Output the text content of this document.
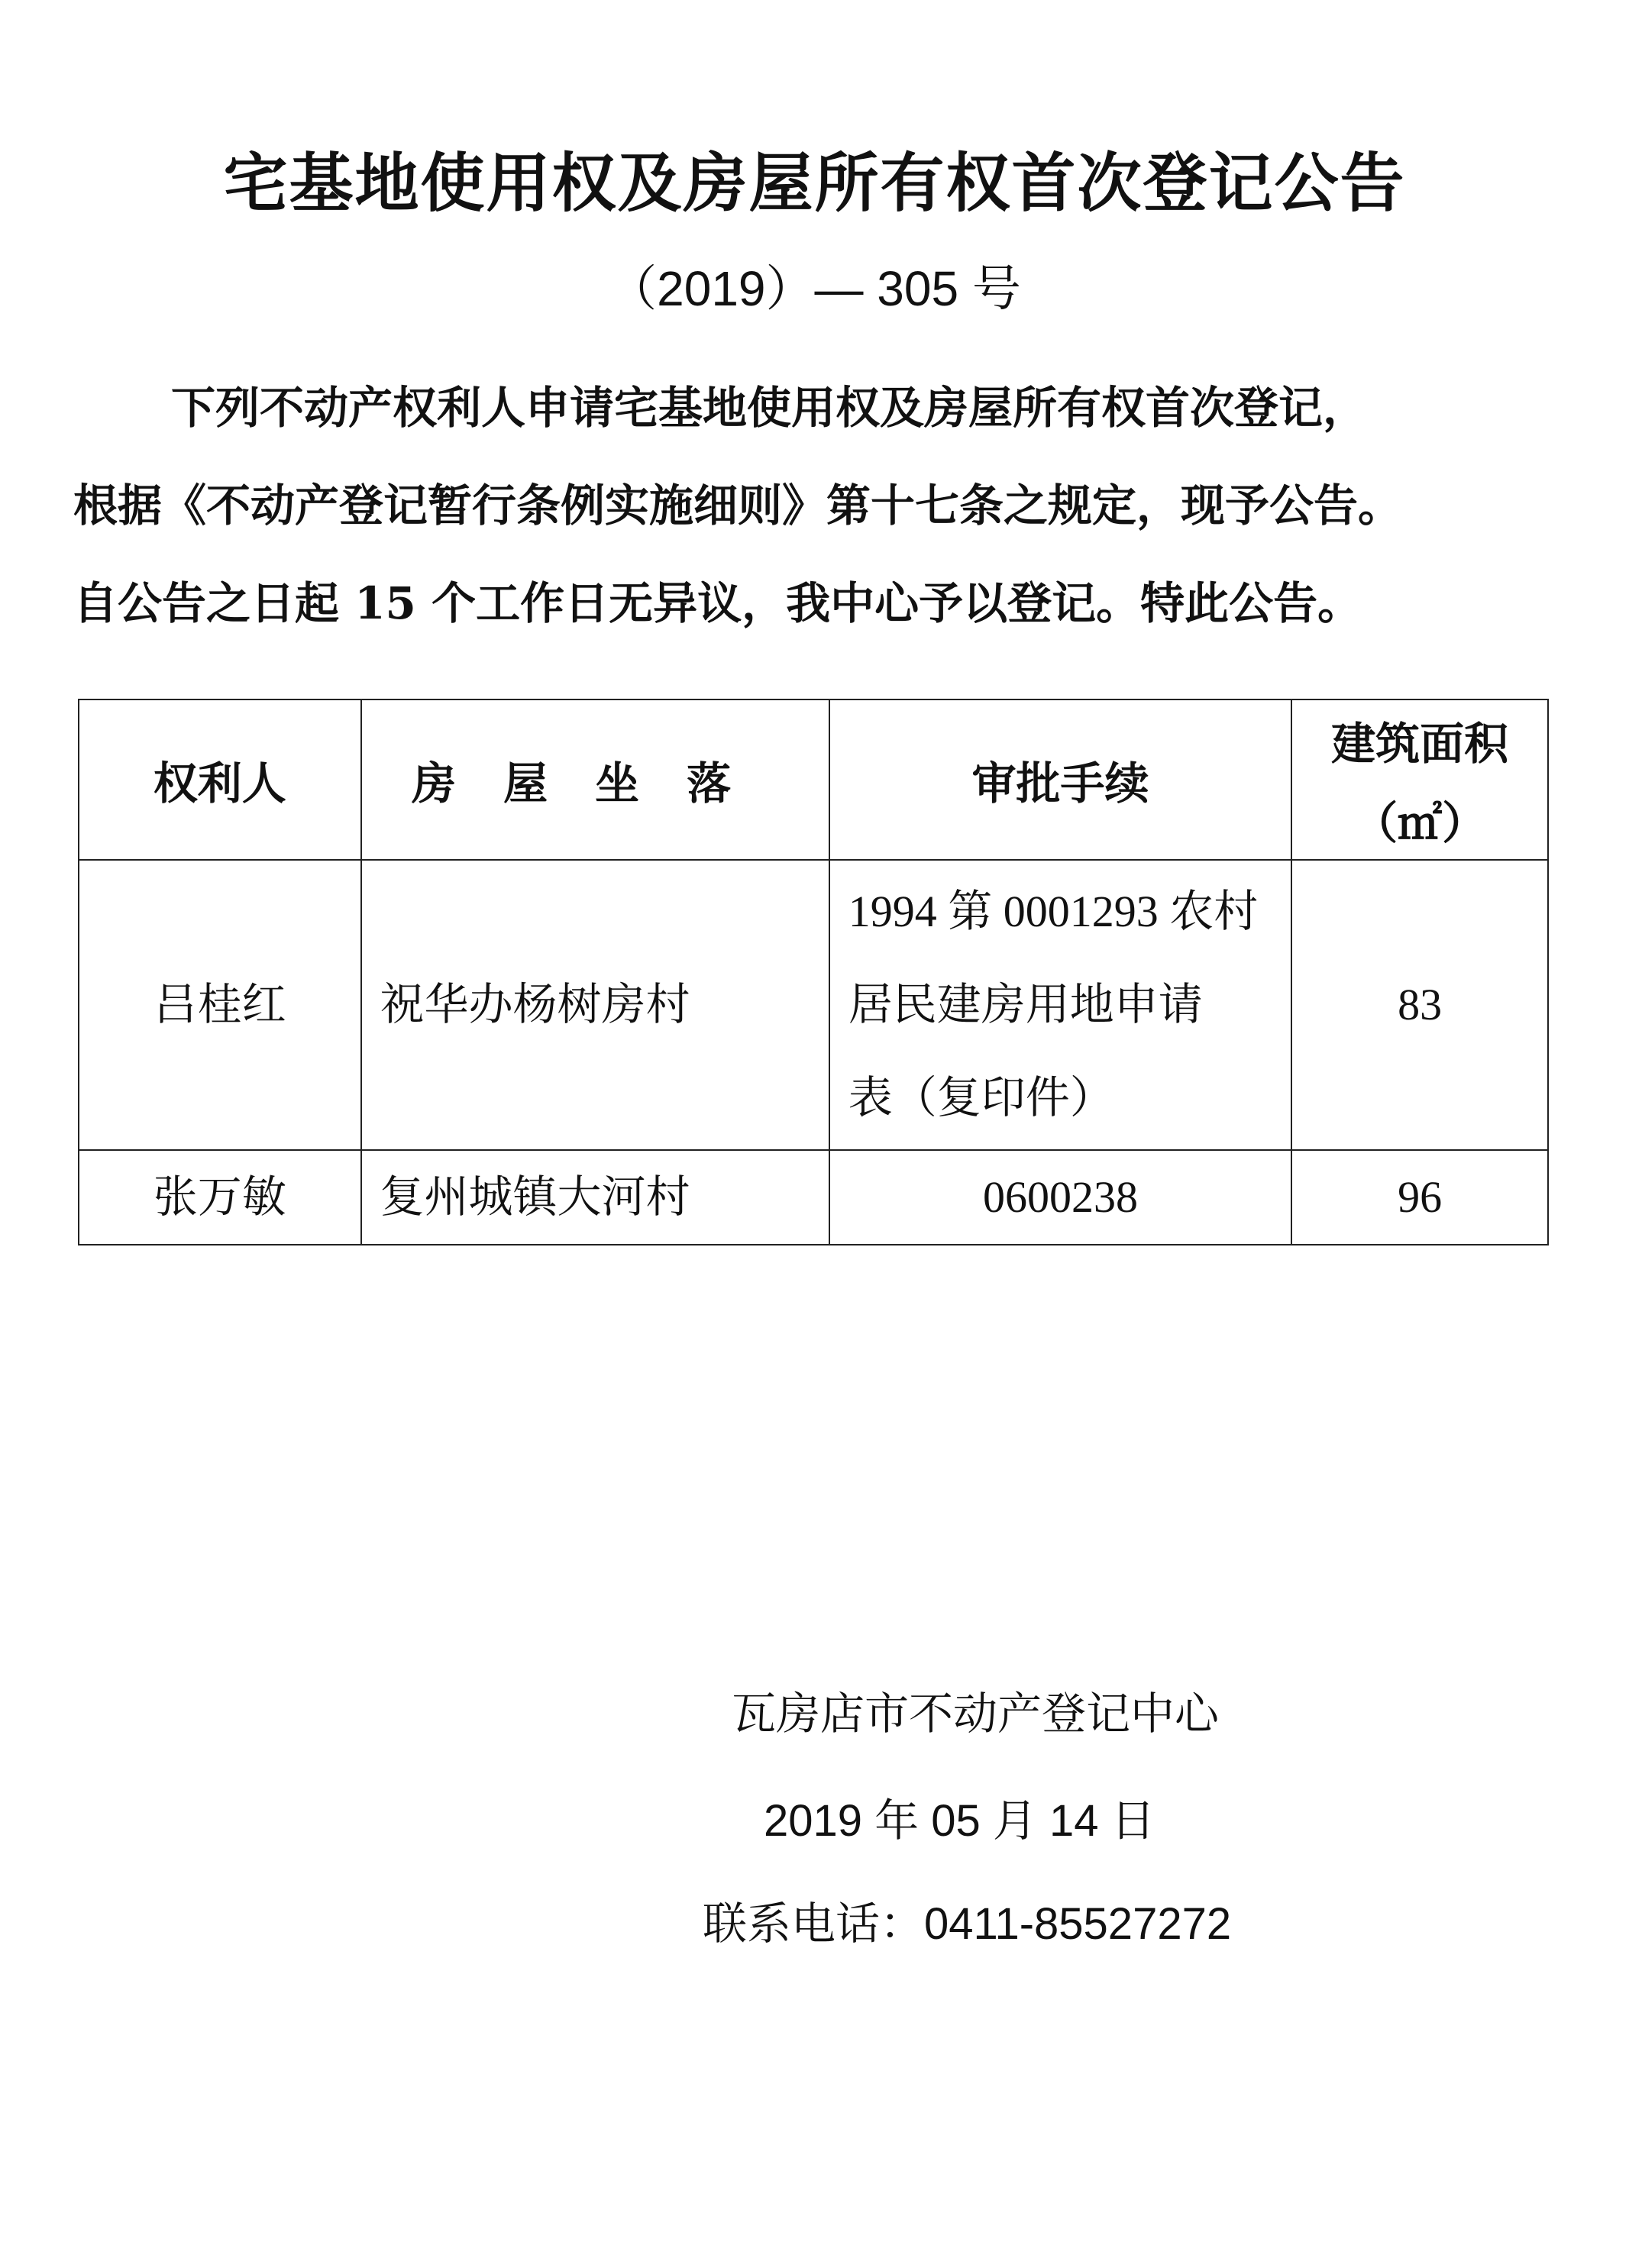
宅基地使用权及房屋所有权首次登记公告
（2019）— 305 号

下列不动产权利人申请宅基地使用权及房屋所有权首次登记，

根据《不动产登记暂行条例实施细则》第十七条之规定，现予公告。

自公告之日起 15 个工作日无异议，我中心予以登记。特此公告。

权利人	房屋坐落	审批手续	建筑面积
（㎡）

吕桂红	祝华办杨树房村	1994 第 0001293 农村
居民建房用地申请
表（复印件）	83
张万敏	复州城镇大河村	0600238	96
瓦房店市不动产登记中心
2019 年 05 月 14 日
联系电话：0411-85527272
